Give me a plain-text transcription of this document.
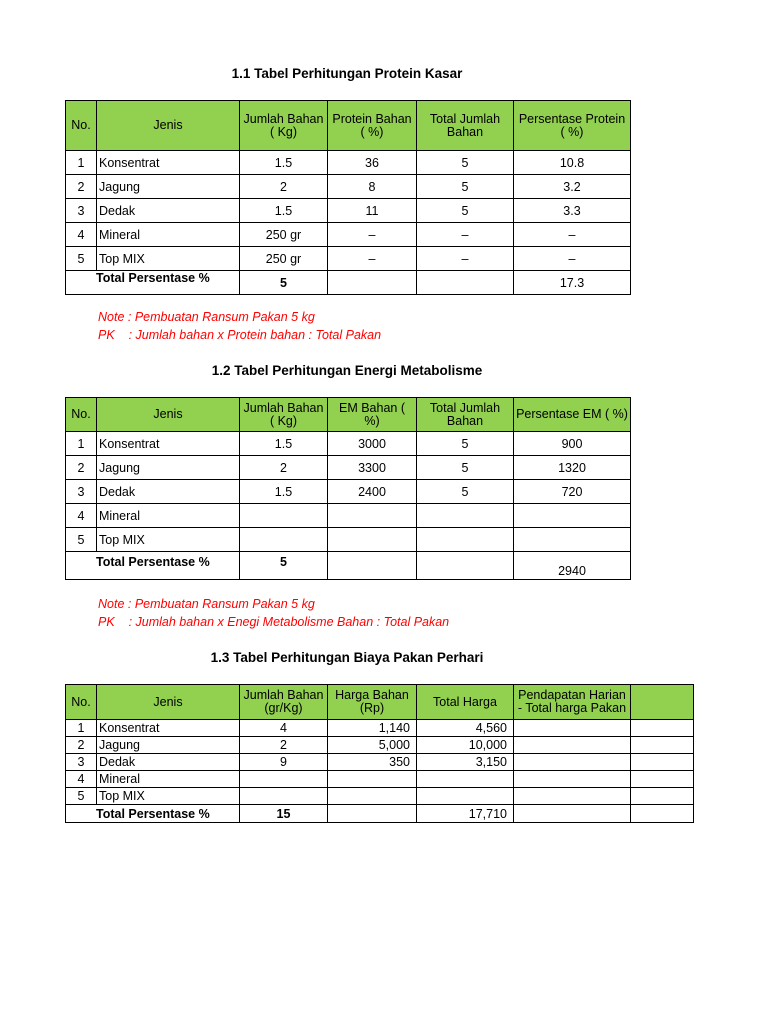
1.1 Tabel Perhitungan Protein Kasar
No.	Jenis	Jumlah Bahan ( Kg)	Protein Bahan ( %)	Total Jumlah Bahan	Persentase Protein ( %)
1	Konsentrat	1.5	36	5	10.8
2	Jagung	2	8	5	3.2
3	Dedak	1.5	11	5	3.3
4	Mineral	250 gr	–	–	–
5	Top MIX	250 gr	–	–	–
Total Persentase %		5			17.3
Note : Pembuatan Ransum Pakan 5 kg
PK    : Jumlah bahan x Protein bahan : Total Pakan
1.2 Tabel Perhitungan Energi Metabolisme
No.	Jenis	Jumlah Bahan ( Kg)	EM Bahan ( %)	Total Jumlah Bahan	Persentase EM ( %)
1	Konsentrat	1.5	3000	5	900
2	Jagung	2	3300	5	1320
3	Dedak	1.5	2400	5	720
4	Mineral				
5	Top MIX				
Total Persentase %		5			2940
Note : Pembuatan Ransum Pakan 5 kg
PK    : Jumlah bahan x Enegi Metabolisme Bahan : Total Pakan
1.3 Tabel Perhitungan Biaya Pakan Perhari
No.	Jenis	Jumlah Bahan (gr/Kg)	Harga Bahan (Rp)	Total Harga	Pendapatan Harian - Total harga Pakan	
1	Konsentrat	4	1,140	4,560		
2	Jagung	2	5,000	10,000		
3	Dedak	9	350	3,150		
4	Mineral					
5	Top MIX					
Total Persentase %		15		17,710		
